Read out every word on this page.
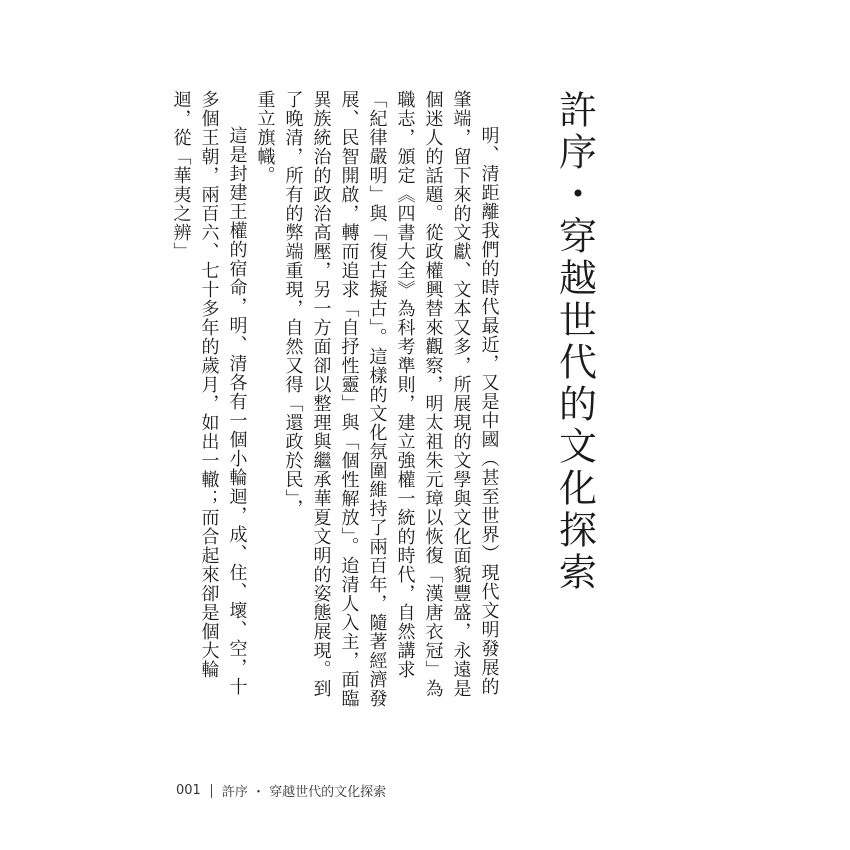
許序・穿越世代的文化探索

明、清距離我們的時代最近，又是中國（甚至世界）現代文明發展的肇端，留下來的文獻、文本又多，所展現的文學與文化面貌豐盛，永遠是個迷人的話題。從政權興替來觀察，明太祖朱元璋以恢復「漢唐衣冠」為職志，頒定《四書大全》為科考準則，建立強權一統的時代，自然講求「紀律嚴明」與「復古擬古」。這樣的文化氛圍維持了兩百年，隨著經濟發展、民智開啟，轉而追求「自抒性靈」與「個性解放」。迨清人入主，面臨異族統治的政治高壓，另一方面卻以整理與繼承華夏文明的姿態展現。到了晚清，所有的弊端重現，自然又得「還政於民」，

重立旗幟。

這是封建王權的宿命，明、清各有一個小輪迴，成、住、壞、空，十多個王朝，兩百六、七十多年的歲月，如出一轍；而合起來卻是個大輪迴，從「華夷之辨」

001 許序 ・ 穿越世代的文化探索
